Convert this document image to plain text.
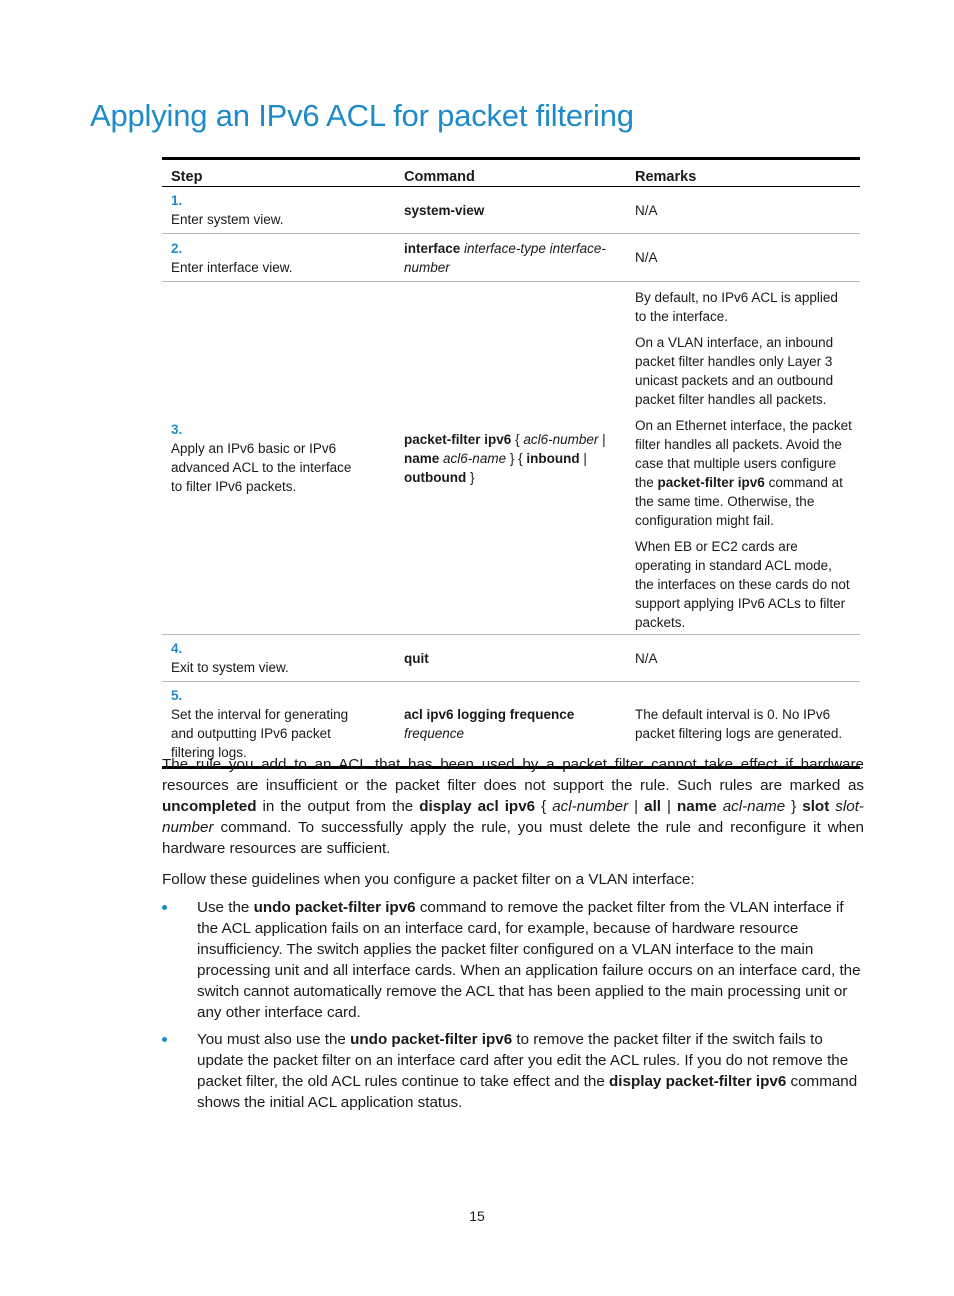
Applying an IPv6 ACL for packet filtering
Step	Command	Remarks
1.Enter system view.	system-view	N/A
2.Enter interface view.	interface interface-type interface-number	N/A
3.Apply an IPv6 basic or IPv6 advanced ACL to the interface to filter IPv6 packets.	packet-filter ipv6 { acl6-number | name acl6-name } { inbound | outbound }	By default, no IPv6 ACL is applied to the interface.

On a VLAN interface, an inbound packet filter handles only Layer 3 unicast packets and an outbound packet filter handles all packets.

On an Ethernet interface, the packet filter handles all packets. Avoid the case that multiple users configure the packet-filter ipv6 command at the same time. Otherwise, the configuration might fail.

When EB or EC2 cards are operating in standard ACL mode, the interfaces on these cards do not support applying IPv6 ACLs to filter packets.

4.Exit to system view.	quit	N/A
5.Set the interval for generating and outputting IPv6 packet filtering logs.	acl ipv6 logging frequence
frequence	The default interval is 0. No IPv6 packet filtering logs are generated.

The rule you add to an ACL that has been used by a packet filter cannot take effect if hardware resources are insufficient or the packet filter does not support the rule. Such rules are marked as uncompleted in the output from the display acl ipv6 { acl-number | all | name acl-name } slot slot-number command. To successfully apply the rule, you must delete the rule and reconfigure it when hardware resources are sufficient.

Follow these guidelines when you configure a packet filter on a VLAN interface:

Use the undo packet-filter ipv6 command to remove the packet filter from the VLAN interface if the ACL application fails on an interface card, for example, because of hardware resource insufficiency. The switch applies the packet filter configured on a VLAN interface to the main processing unit and all interface cards. When an application failure occurs on an interface card, the switch cannot automatically remove the ACL that has been applied to the main processing unit or any other interface card.
You must also use the undo packet-filter ipv6 to remove the packet filter if the switch fails to update the packet filter on an interface card after you edit the ACL rules. If you do not remove the packet filter, the old ACL rules continue to take effect and the display packet-filter ipv6 command shows the initial ACL application status.
15
